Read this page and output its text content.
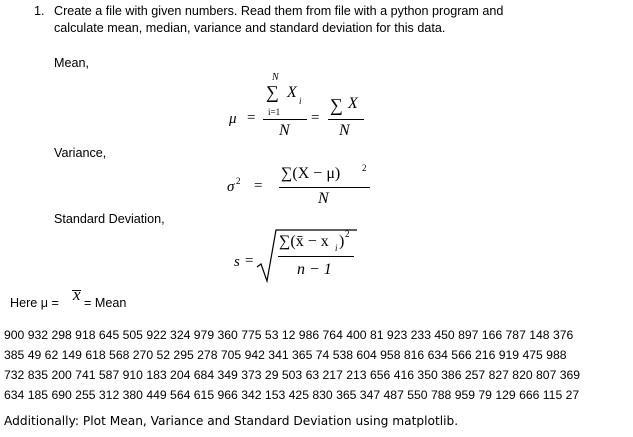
1. Create a file with given numbers. Read them from file with a python program and
calculate mean, median, variance and standard deviation for this data.
Mean,
Variance,
Standard Deviation,
μ =
N
∑ X i
i=1
N
=
∑ X
N
σ 2 =
∑(X − μ) 2
N
s =
∑(x̄ − x i ) 2
n − 1
Here μ = x = Mean
900 932 298 918 645 505 922 324 979 360 775 53 12 986 764 400 81 923 233 450 897 166 787 148 376
385 49 62 149 618 568 270 52 295 278 705 942 341 365 74 538 604 958 816 634 566 216 919 475 988
732 835 200 741 587 910 183 204 684 349 373 29 503 63 217 213 656 416 350 386 257 827 820 807 369
634 185 690 255 312 380 449 564 615 966 342 153 425 830 365 347 487 550 788 959 79 129 666 115 27
Additionally: Plot Mean, Variance and Standard Deviation using matplotlib.
